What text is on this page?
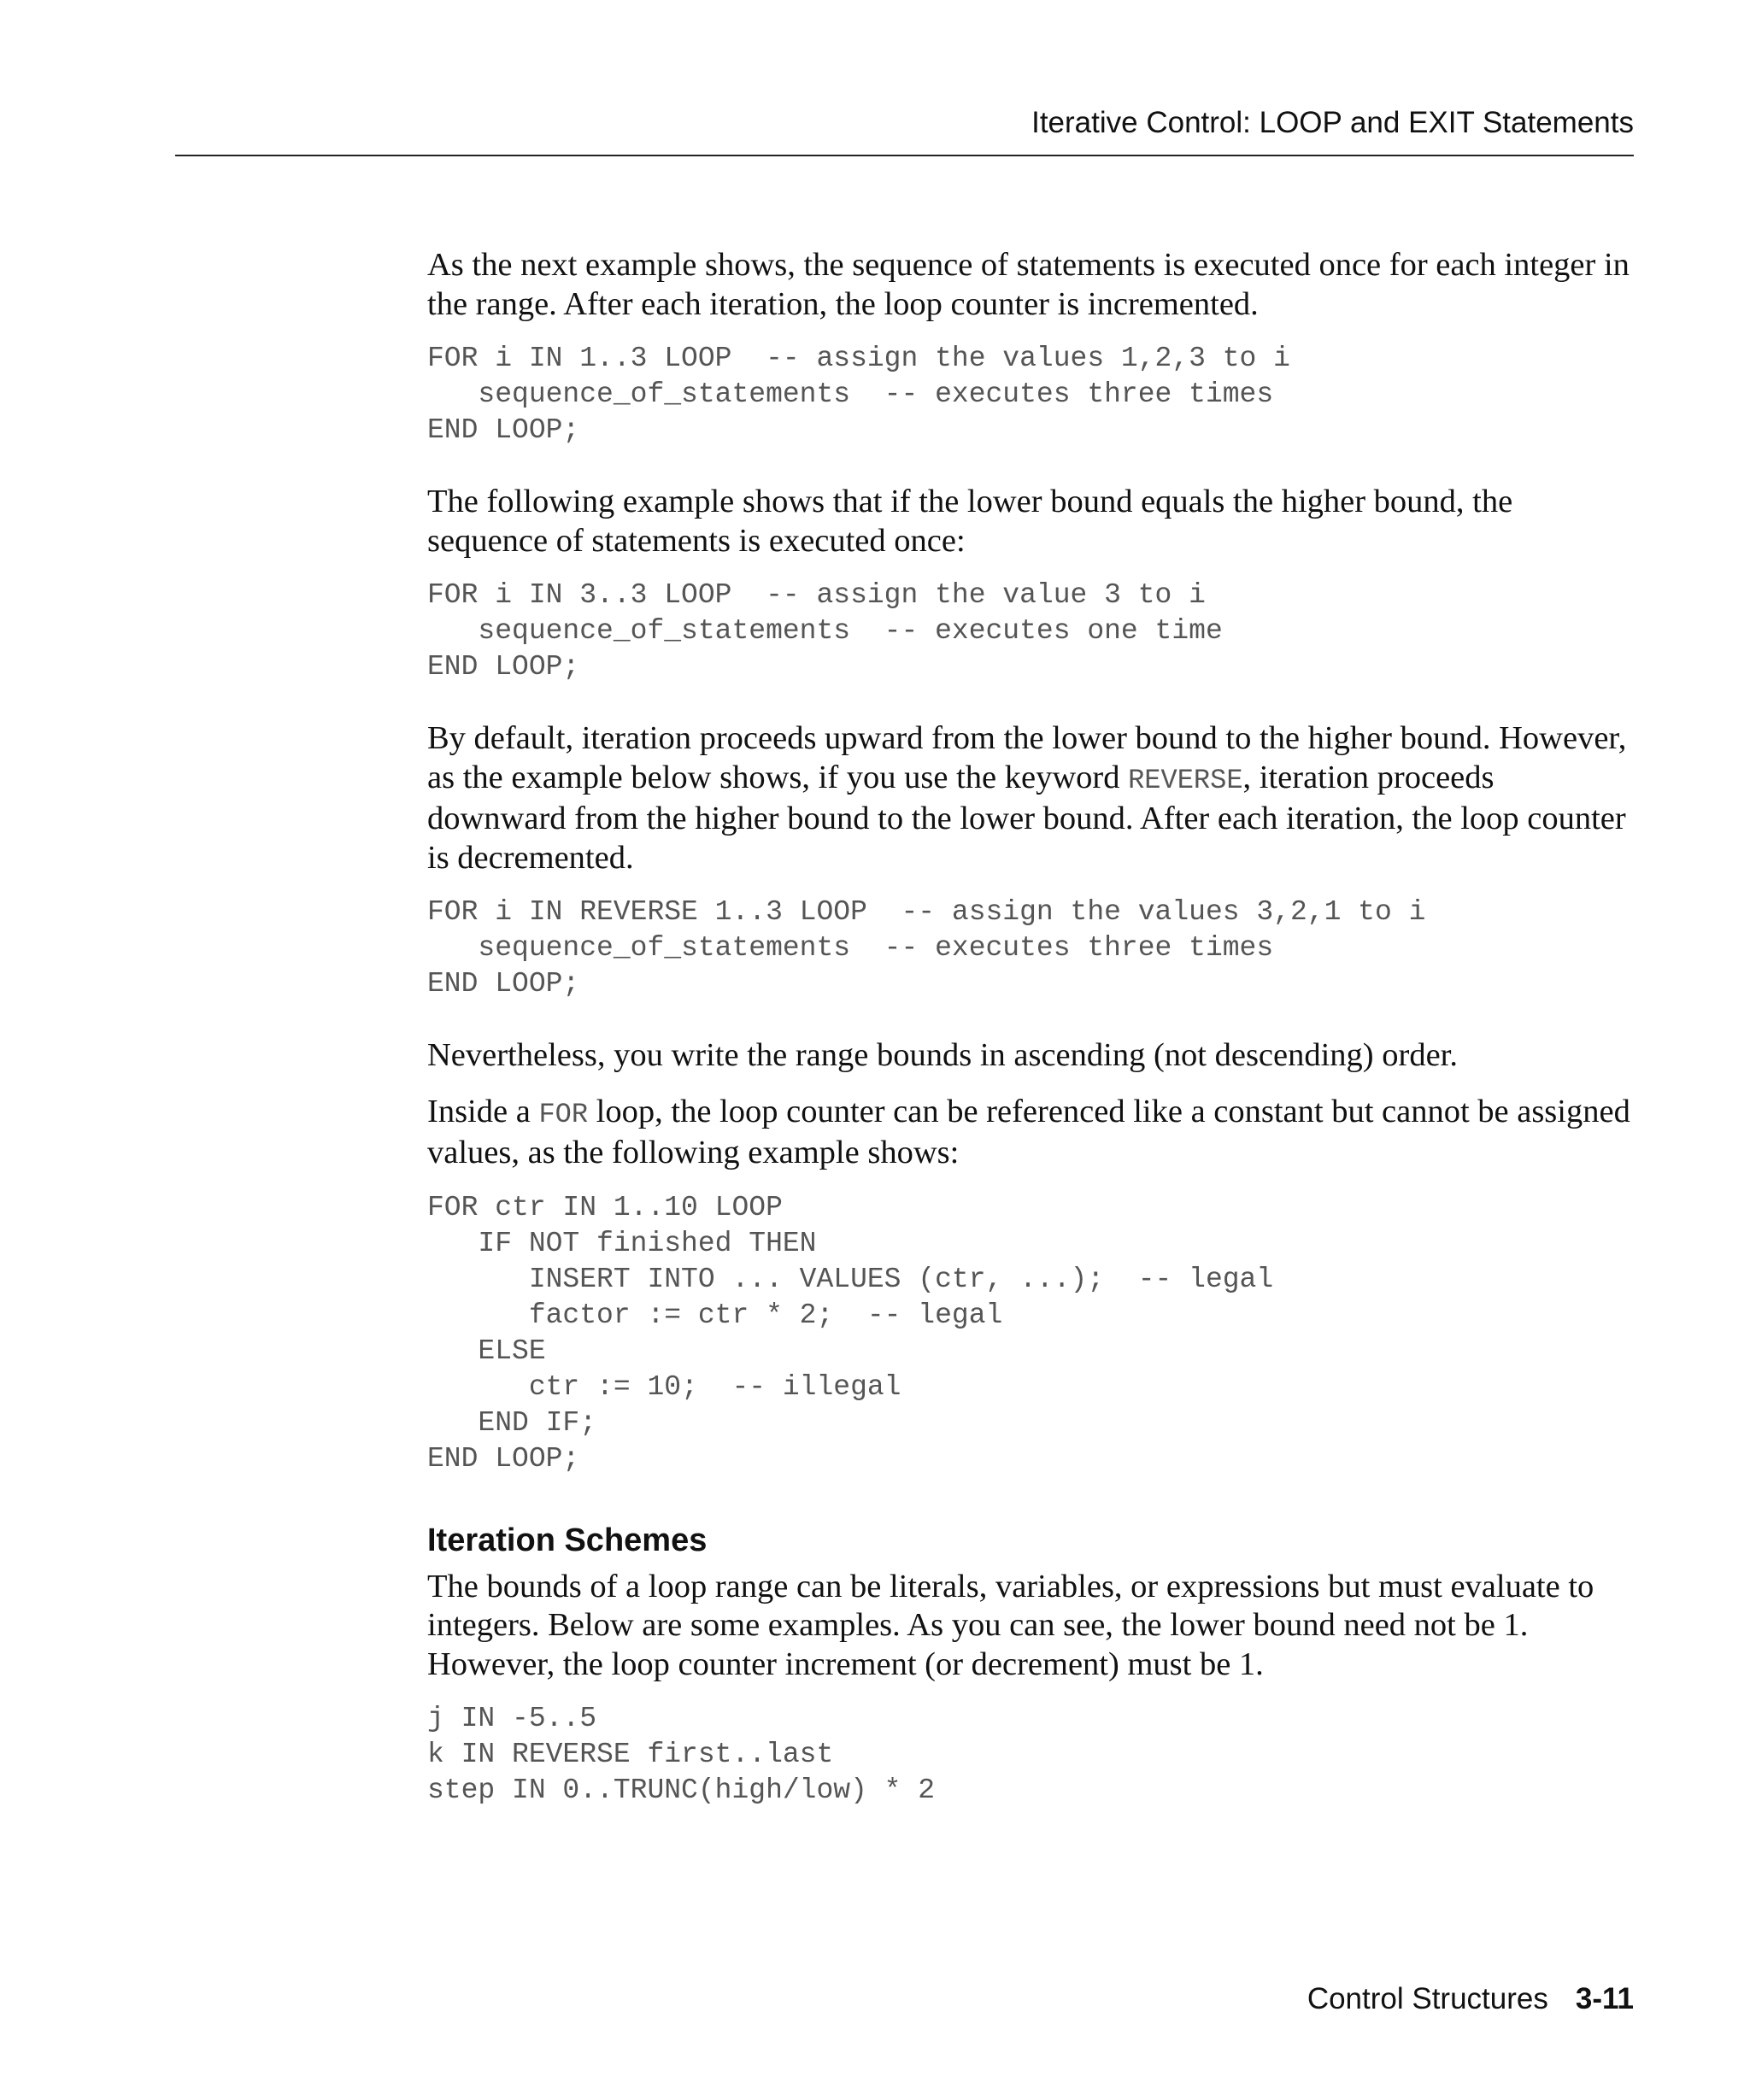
Iterative Control: LOOP and EXIT Statements

As the next example shows, the sequence of statements is executed once for each integer in the range. After each iteration, the loop counter is incremented.

FOR i IN 1..3 LOOP  -- assign the values 1,2,3 to i
sequence_of_statements  -- executes three times
END LOOP;

The following example shows that if the lower bound equals the higher bound, the sequence of statements is executed once:

FOR i IN 3..3 LOOP  -- assign the value 3 to i
sequence_of_statements  -- executes one time
END LOOP;

By default, iteration proceeds upward from the lower bound to the higher bound. However, as the example below shows, if you use the keyword REVERSE, iteration proceeds downward from the higher bound to the lower bound. After each iteration, the loop counter is decremented.

FOR i IN REVERSE 1..3 LOOP  -- assign the values 3,2,1 to i
sequence_of_statements  -- executes three times
END LOOP;

Nevertheless, you write the range bounds in ascending (not descending) order.

Inside a FOR loop, the loop counter can be referenced like a constant but cannot be assigned values, as the following example shows:

FOR ctr IN 1..10 LOOP
IF NOT finished THEN
INSERT INTO ... VALUES (ctr, ...);  -- legal
factor := ctr * 2;  -- legal
ELSE
ctr := 10;  -- illegal
END IF;
END LOOP;
Iteration Schemes

The bounds of a loop range can be literals, variables, or expressions but must evaluate to integers. Below are some examples. As you can see, the lower bound need not be 1. However, the loop counter increment (or decrement) must be 1.

j IN -5..5
k IN REVERSE first..last
step IN 0..TRUNC(high/low) * 2
Control Structures 3-11
